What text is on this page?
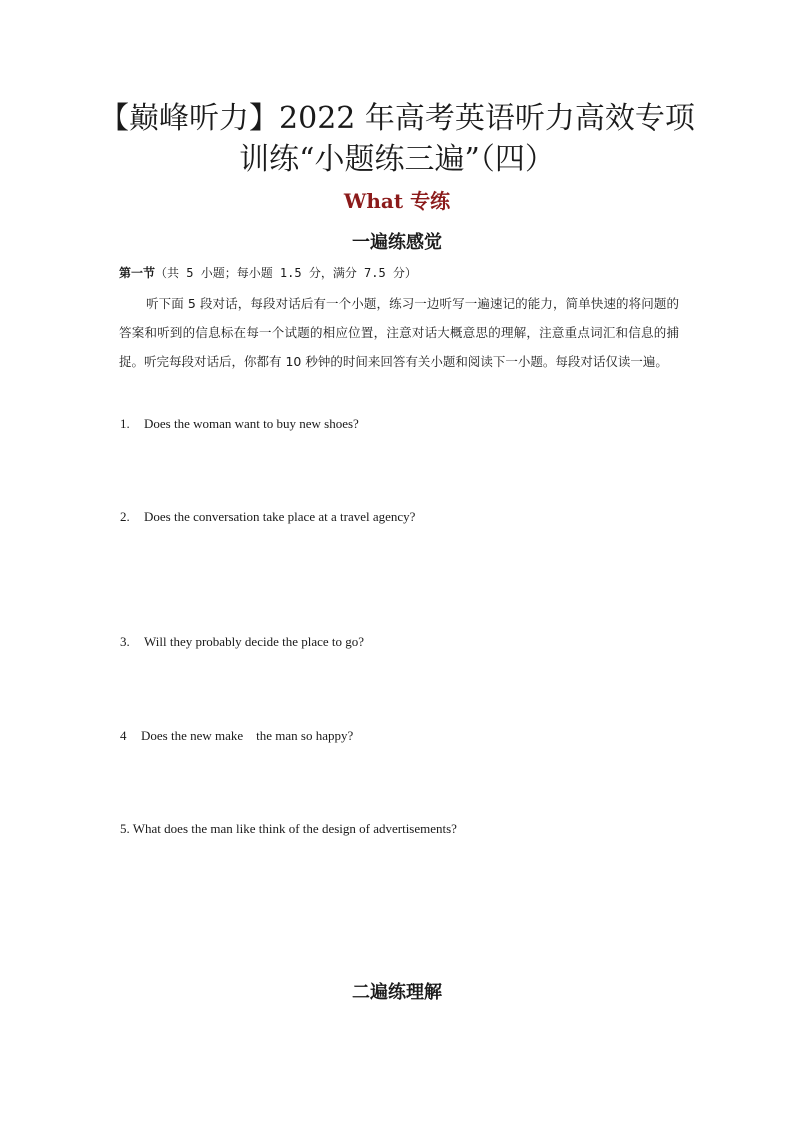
【巅峰听力】2022 年高考英语听力高效专项
训练“小题练三遍”（四）
What 专练
一遍练感觉
第一节（共 5 小题；每小题 1.5 分，满分 7.5 分）
听下面 5 段对话，每段对话后有一个小题，练习一边听写一遍速记的能力，简单快速的将问题的答案和听到的信息标在每一个试题的相应位置，注意对话大概意思的理解，注意重点词汇和信息的捕捉。听完每段对话后，你都有 10 秒钟的时间来回答有关小题和阅读下一小题。每段对话仅读一遍。
1. Does the woman want to buy new shoes?
2. Does the conversation take place at a travel agency?
3. Will they probably decide the place to go?
4 Does the new make    the man so happy?
5. What does the man like think of the design of advertisements?
二遍练理解
